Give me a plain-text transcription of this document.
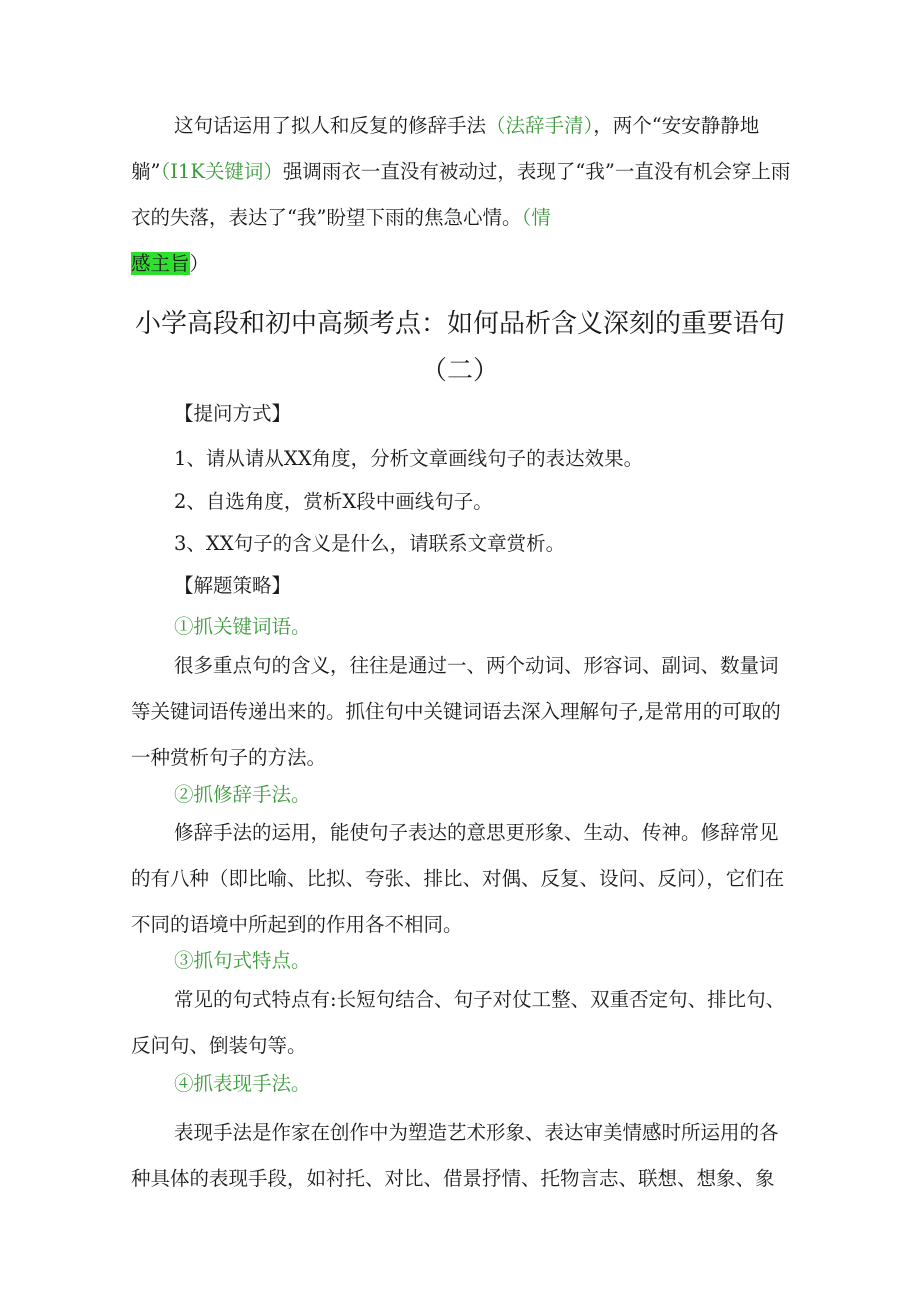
这句话运用了拟人和反复的修辞手法（法辞手清），两个“安安静静地躺”（I1K关键词）强调雨衣一直没有被动过，表现了“我”一直没有机会穿上雨衣的失落，表达了“我”盼望下雨的焦急心情。（情
感主旨）

小学高段和初中高频考点：如何品析含义深刻的重要语句
（二）

【提问方式】

1、请从请从XX角度，分析文章画线句子的表达效果。

2、自选角度，赏析X段中画线句子。

3、XX句子的含义是什么，请联系文章赏析。

【解题策略】

①抓关键词语。

很多重点句的含义，往往是通过一、两个动词、形容词、副词、数量词等关键词语传递出来的。抓住句中关键词语去深入理解句子,是常用的可取的一种赏析句子的方法。

②抓修辞手法。

修辞手法的运用，能使句子表达的意思更形象、生动、传神。修辞常见的有八种（即比喻、比拟、夸张、排比、对偶、反复、设问、反问），它们在不同的语境中所起到的作用各不相同。

③抓句式特点。

常见的句式特点有:长短句结合、句子对仗工整、双重否定句、排比句、反问句、倒装句等。

④抓表现手法。

表现手法是作家在创作中为塑造艺术形象、表达审美情感时所运用的各种具体的表现手段，如衬托、对比、借景抒情、托物言志、联想、想象、象
